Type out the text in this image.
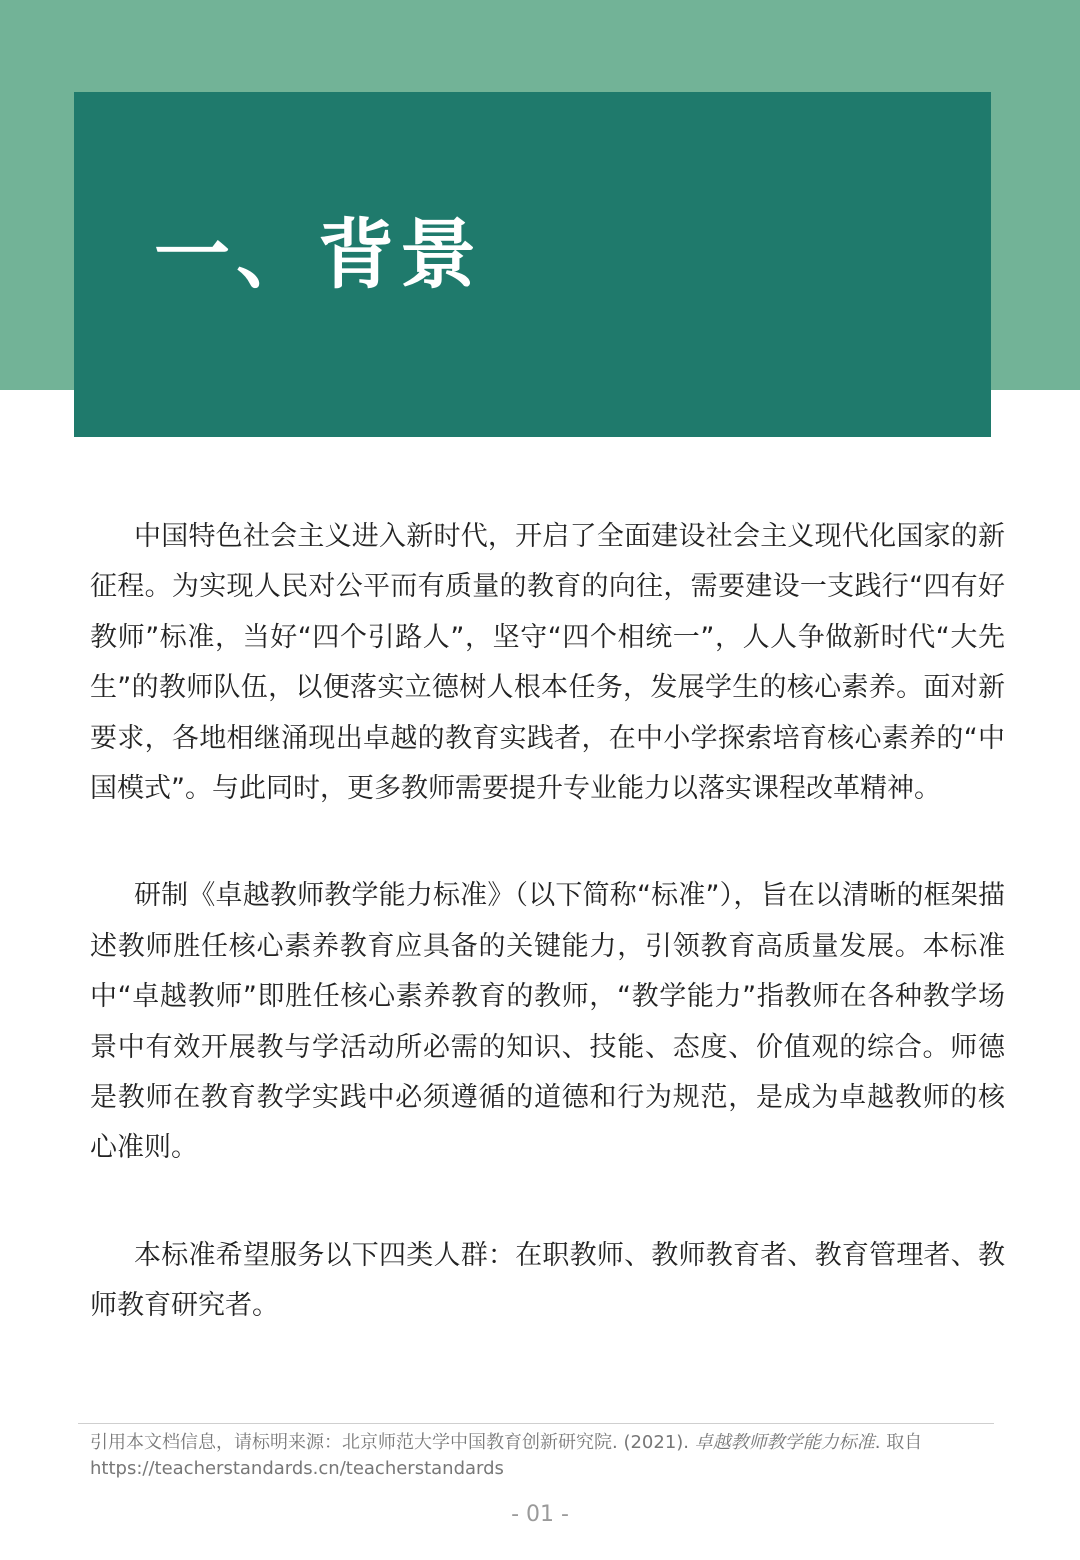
一、背景

中国特色社会主义进入新时代，开启了全面建设社会主义现代化国家的新征程。为实现人民对公平而有质量的教育的向往，需要建设一支践行“四有好教师”标准，当好“四个引路人”，坚守“四个相统一”，人人争做新时代“大先生”的教师队伍，以便落实立德树人根本任务，发展学生的核心素养。面对新要求，各地相继涌现出卓越的教育实践者，在中小学探索培育核心素养的“中国模式”。与此同时，更多教师需要提升专业能力以落实课程改革精神。

研制《卓越教师教学能力标准》（以下简称“标准”），旨在以清晰的框架描述教师胜任核心素养教育应具备的关键能力，引领教育高质量发展。本标准中“卓越教师”即胜任核心素养教育的教师，“教学能力”指教师在各种教学场景中有效开展教与学活动所必需的知识、技能、态度、价值观的综合。师德是教师在教育教学实践中必须遵循的道德和行为规范，是成为卓越教师的核心准则。

本标准希望服务以下四类人群：在职教师、教师教育者、教育管理者、教师教育研究者。

引用本文档信息，请标明来源：北京师范大学中国教育创新研究院. (2021). 卓越教师教学能力标准. 取自
https://teacherstandards.cn/teacherstandards
- 01 -
